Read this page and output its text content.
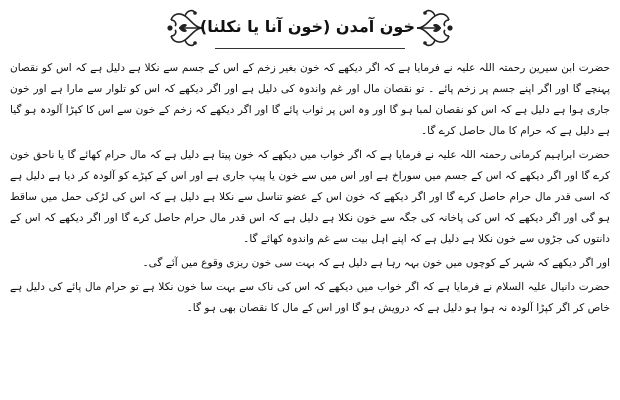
خون آمدن (خون آنا یا نکلنا)

حضرت ابن سیرین رحمتہ اللہ علیہ نے فرمایا ہے کہ اگر دیکھے کہ خون بغیر زخم کے اس کے جسم سے نکلا ہے دلیل ہے کہ اس کو نقصان پہنچے گا اور اگر اپنے جسم پر زخم پائے ۔ تو نقصان مال اور غم واندوہ کی دلیل ہے اور اگر دیکھے کہ اس کو تلوار سے مارا ہے اور خون جاری ہوا ہے دلیل ہے کہ اس کو نقصان لمبا ہو گا اور وہ اس پر ثواب پائے گا اور اگر دیکھے کہ زخم کے خون سے اس کا کپڑا آلودہ ہو گیا ہے دلیل ہے کہ حرام کا مال حاصل کرے گا۔

حضرت ابراہیم کرمانی رحمتہ اللہ علیہ نے فرمایا ہے کہ اگر خواب میں دیکھے کہ خون پیتا ہے دلیل ہے کہ مال حرام کھائے گا یا ناحق خون کرے گا اور اگر دیکھے کہ اس کے جسم میں سوراخ ہے اور اس میں سے خون یا پیپ جاری ہے اور اس کے کپڑے کو آلودہ کر دیا ہے دلیل ہے کہ اسی قدر مال حرام حاصل کرے گا اور اگر دیکھے کہ خون اس کے عضو تناسل سے نکلا ہے دلیل ہے کہ اس کی لڑکی حمل میں ساقط ہو گی اور اگر دیکھے کہ اس کی پاخانہ کی جگہ سے خون نکلا ہے دلیل ہے کہ اس قدر مال حرام حاصل کرے گا اور اگر دیکھے کہ اس کے دانتوں کی جڑوں سے خون نکلا ہے دلیل ہے کہ اپنے اہل بیت سے غم واندوہ کھائے گا۔

اور اگر دیکھے کہ شہر کے کوچوں میں خون بہہ رہا ہے دلیل ہے کہ بہت سی خون ریزی وقوع میں آئے گی۔

حضرت دانیال علیہ السلام نے فرمایا ہے کہ اگر خواب میں دیکھے کہ اس کی ناک سے بہت سا خون نکلا ہے تو حرام مال پائے کی دلیل ہے خاص کر اگر کپڑا آلودہ نہ ہوا ہو دلیل ہے کہ درویش ہو گا اور اس کے مال کا نقصان بھی ہو گا۔
